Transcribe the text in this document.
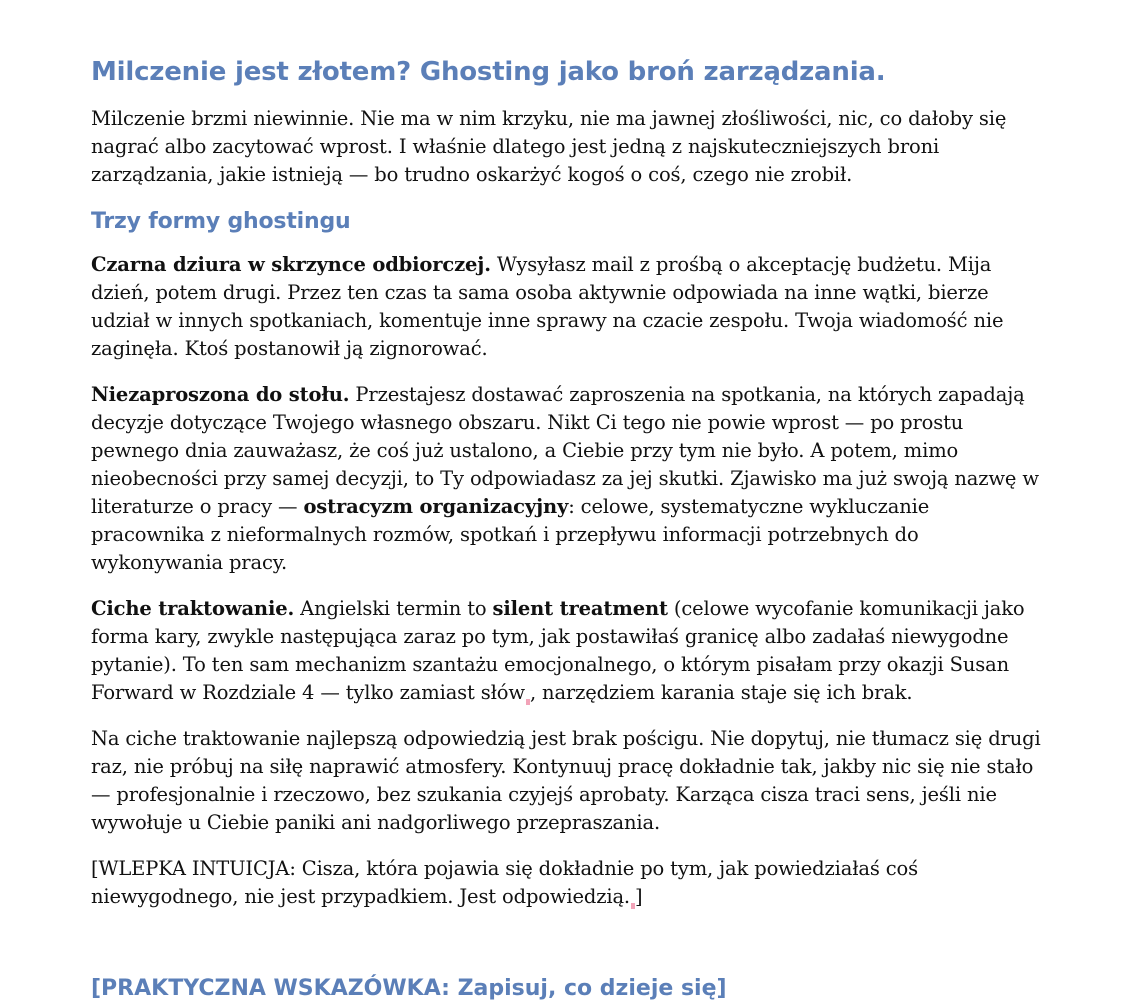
Milczenie jest złotem? Ghosting jako broń zarządzania.

Milczenie brzmi niewinnie. Nie ma w nim krzyku, nie ma jawnej złośliwości, nic, co dałoby się nagrać albo zacytować wprost. I właśnie dlatego jest jedną z najskuteczniejszych broni zarządzania, jakie istnieją — bo trudno oskarżyć kogoś o coś, czego nie zrobił.

Trzy formy ghostingu

Czarna dziura w skrzynce odbiorczej. Wysyłasz mail z prośbą o akceptację budżetu. Mija dzień, potem drugi. Przez ten czas ta sama osoba aktywnie odpowiada na inne wątki, bierze udział w innych spotkaniach, komentuje inne sprawy na czacie zespołu. Twoja wiadomość nie zaginęła. Ktoś postanowił ją zignorować.

Niezaproszona do stołu. Przestajesz dostawać zaproszenia na spotkania, na których zapadają decyzje dotyczące Twojego własnego obszaru. Nikt Ci tego nie powie wprost — po prostu pewnego dnia zauważasz, że coś już ustalono, a Ciebie przy tym nie było. A potem, mimo nieobecności przy samej decyzji, to Ty odpowiadasz za jej skutki. Zjawisko ma już swoją nazwę w literaturze o pracy — ostracyzm organizacyjny: celowe, systematyczne wykluczanie pracownika z nieformalnych rozmów, spotkań i przepływu informacji potrzebnych do wykonywania pracy.

Ciche traktowanie. Angielski termin to silent treatment (celowe wycofanie komunikacji jako forma kary, zwykle następująca zaraz po tym, jak postawiłaś granicę albo zadałaś niewygodne pytanie). To ten sam mechanizm szantażu emocjonalnego, o którym pisałam przy okazji Susan Forward w Rozdziale 4 — tylko zamiast słów , narzędziem karania staje się ich brak.

Na ciche traktowanie najlepszą odpowiedzią jest brak pościgu. Nie dopytuj, nie tłumacz się drugi raz, nie próbuj na siłę naprawić atmosfery. Kontynuuj pracę dokładnie tak, jakby nic się nie stało — profesjonalnie i rzeczowo, bez szukania czyjejś aprobaty. Karząca cisza traci sens, jeśli nie wywołuje u Ciebie paniki ani nadgorliwego przepraszania.

[WLEPKA INTUICJA: Cisza, która pojawia się dokładnie po tym, jak powiedziałaś coś niewygodnego, nie jest przypadkiem. Jest odpowiedzią. ]

[PRAKTYCZNA WSKAZÓWKA: Zapisuj, co dzieje się]
